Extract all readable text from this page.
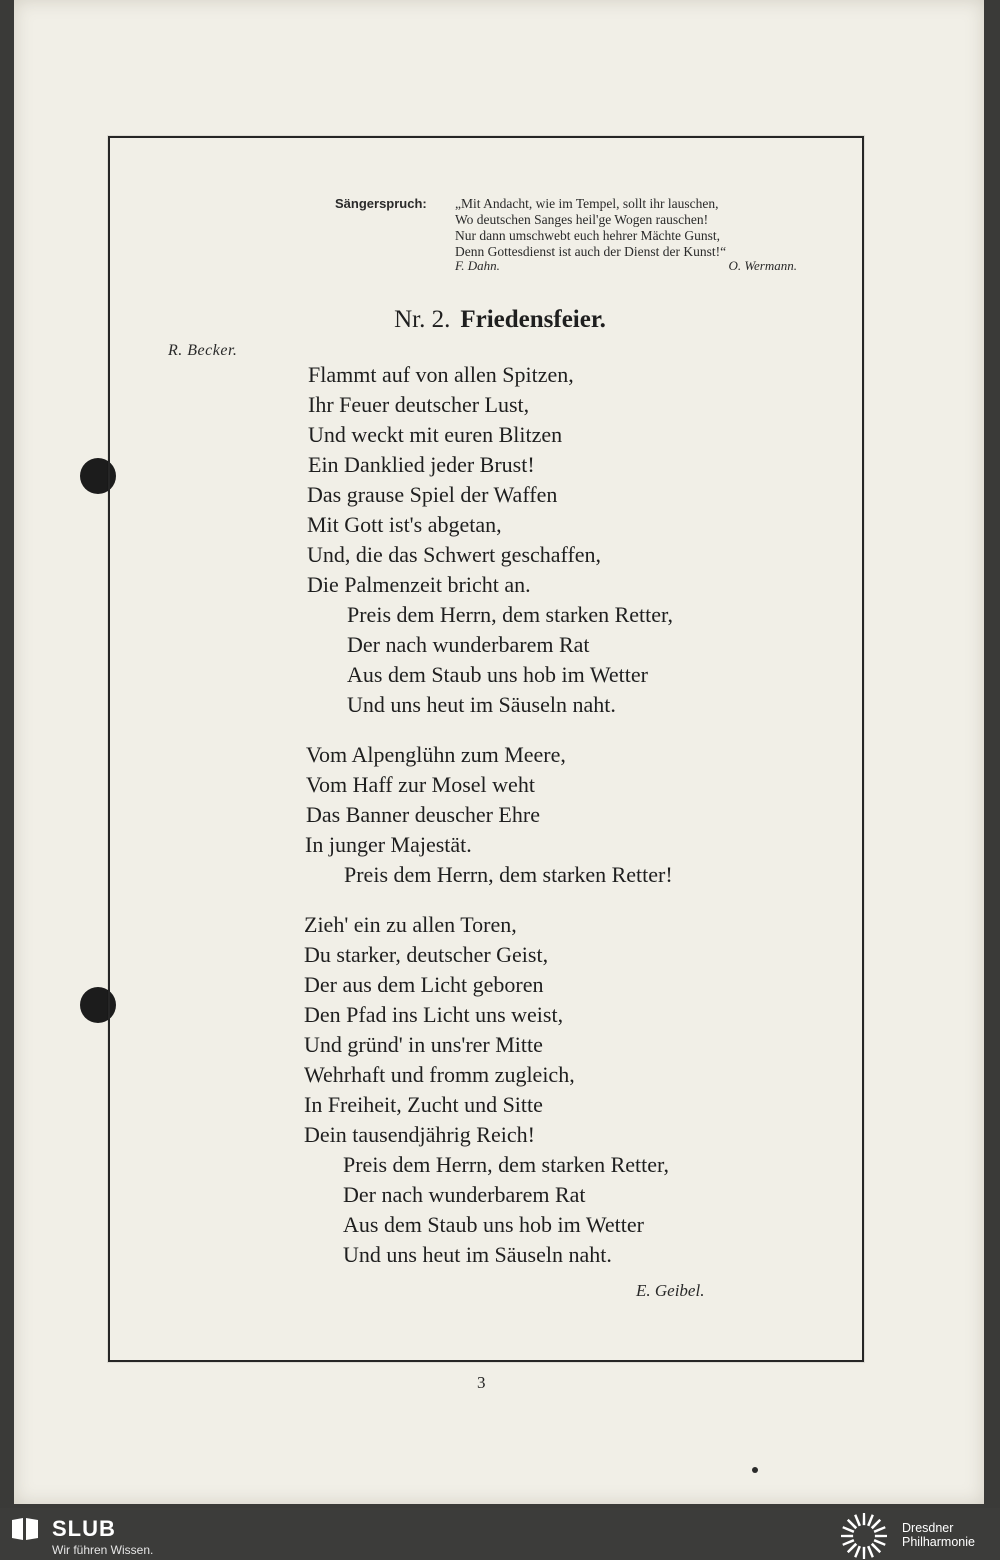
Sängerspruch: „Mit Andacht, wie im Tempel, sollt ihr lauschen,
Wo deutschen Sanges heil'ge Wogen rauschen!
Nur dann umschwebt euch hehrer Mächte Gunst,
Denn Gottesdienst ist auch der Dienst der Kunst!“
F. Dahn.	O. Wermann.
Nr. 2. Friedensfeier.
R. Becker.
Flammt auf von allen Spitzen,
Ihr Feuer deutscher Lust,
Und weckt mit euren Blitzen
Ein Danklied jeder Brust!
Das grause Spiel der Waffen
Mit Gott ist's abgetan,
Und, die das Schwert geschaffen,
Die Palmenzeit bricht an.
Preis dem Herrn, dem starken Retter,
Der nach wunderbarem Rat
Aus dem Staub uns hob im Wetter
Und uns heut im Säuseln naht.
Vom Alpenglühn zum Meere,
Vom Haff zur Mosel weht
Das Banner deuscher Ehre
In junger Majestät.
Preis dem Herrn, dem starken Retter!
Zieh' ein zu allen Toren,
Du starker, deutscher Geist,
Der aus dem Licht geboren
Den Pfad ins Licht uns weist,
Und gründ' in uns'rer Mitte
Wehrhaft und fromm zugleich,
In Freiheit, Zucht und Sitte
Dein tausendjährig Reich!
Preis dem Herrn, dem starken Retter,
Der nach wunderbarem Rat
Aus dem Staub uns hob im Wetter
Und uns heut im Säuseln naht.
E. Geibel.
3
SLUB
Wir führen Wissen.
Dresdner
Philharmonie
